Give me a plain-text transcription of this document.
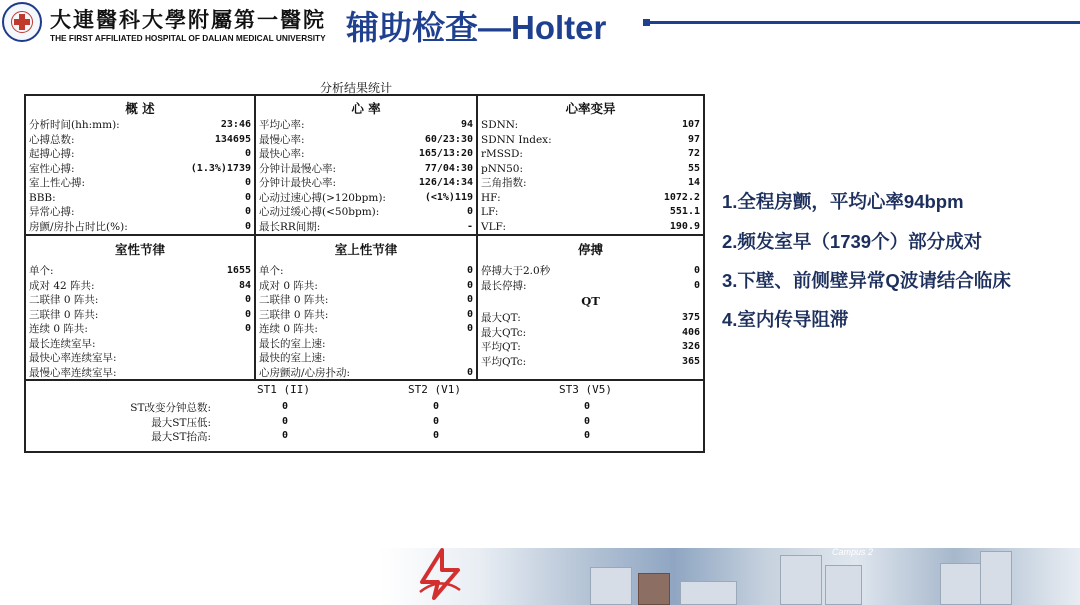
大連醫科大學附屬第一醫院
THE FIRST AFFILIATED HOSPITAL OF DALIAN MEDICAL UNIVERSITY 辅助检查—Holter
分析结果统计
概 述	心 率	心率变异
室性节律	室上性节律	停搏
QT
分析时间(hh:mm):	23:46
心搏总数:	134695
起搏心搏:	0
室性心搏:	(1.3%)1739
室上性心搏:	0
BBB:	0
异常心搏:	0
房颤/房扑占时比(%):	0
平均心率:	94
最慢心率:	60/23:30
最快心率:	165/13:20
分钟计最慢心率:	77/04:30
分钟计最快心率:	126/14:34
心动过速心搏(>120bpm):	(<1%)119
心动过缓心搏(<50bpm):	0
最长RR间期:	-
SDNN:	107
SDNN Index:	97
rMSSD:	72
pNN50:	55
三角指数:	14
HF:	1072.2
LF:	551.1
VLF:	190.9
单个:	1655
成对 42 阵共:	84
二联律 0 阵共:	0
三联律 0 阵共:	0
连续 0 阵共:	0
最长连续室早:
最快心率连续室早:
最慢心率连续室早:
单个:	0
成对 0 阵共:	0
二联律 0 阵共:	0
三联律 0 阵共:	0
连续 0 阵共:	0
最长的室上速:
最快的室上速:
心房颤动/心房扑动:	0
停搏大于2.0秒	0
最长停搏:	0
最大QT:	375
最大QTc:	406
平均QT:	326
平均QTc:	365
ST1 (II)	ST2 (V1)	ST3 (V5)
ST改变分钟总数:	0	0	0
最大ST压低:	0	0	0
最大ST抬高:	0	0	0
1.全程房颤，平均心率94bpm
2.频发室早（1739个）部分成对
3.下壁、前侧壁异常Q波请结合临床
4.室内传导阻滞
Campus 2
